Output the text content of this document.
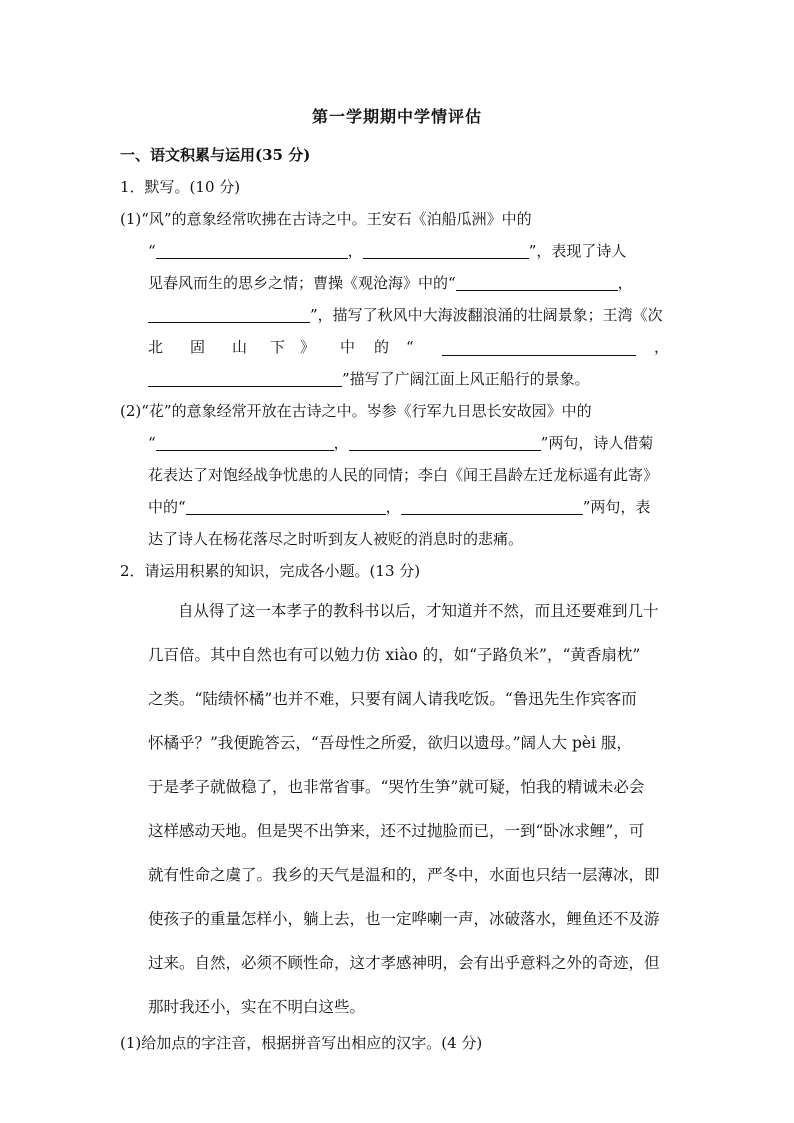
第一学期期中学情评估
一、语文积累与运用(35 分)
1．默写。(10 分)
(1)“风”的意象经常吹拂在古诗之中。王安石《泊船瓜洲》中的
“	，	”，表现了诗人
见春风而生的思乡之情；曹操《观沧海》中的“	，
”，描写了秋风中大海波翻浪涌的壮阔景象；王湾《次
北 固 山 下 》 中 的 “	，
”描写了广阔江面上风正船行的景象。
(2)“花”的意象经常开放在古诗之中。岑参《行军九日思长安故园》中的
“	，	”两句，诗人借菊
花表达了对饱经战争忧患的人民的同情；李白《闻王昌龄左迁龙标遥有此寄》
中的“	，	”两句，表
达了诗人在杨花落尽之时听到友人被贬的消息时的悲痛。
2．请运用积累的知识，完成各小题。(13 分)
自从得了这一本孝子的教科书以后，才知道并不然，而且还要难到几十
几百倍。其中自然也有可以勉力仿 xiào 的，如“子路负米”，“黄香扇枕”
之类。“陆绩怀橘”也并不难，只要有阔人请我吃饭。“鲁迅先生作宾客而
怀橘乎？”我便跪答云，“吾母性之所爱，欲归以遗母。”阔人大 pèi 服，
于是孝子就做稳了，也非常省事。“哭竹生笋”就可疑，怕我的精诚未必会
这样感动天地。但是哭不出笋来，还不过抛脸而已，一到“卧冰求鲤”，可
就有性命之虞了。我乡的天气是温和的，严冬中，水面也只结一层薄冰，即
使孩子的重量怎样小，躺上去，也一定哗喇一声，冰破落水，鲤鱼还不及游
过来。自然，必须不顾性命，这才孝感神明，会有出乎意料之外的奇迹，但
那时我还小，实在不明白这些。
(1)给加点的字注音，根据拼音写出相应的汉字。(4 分)
